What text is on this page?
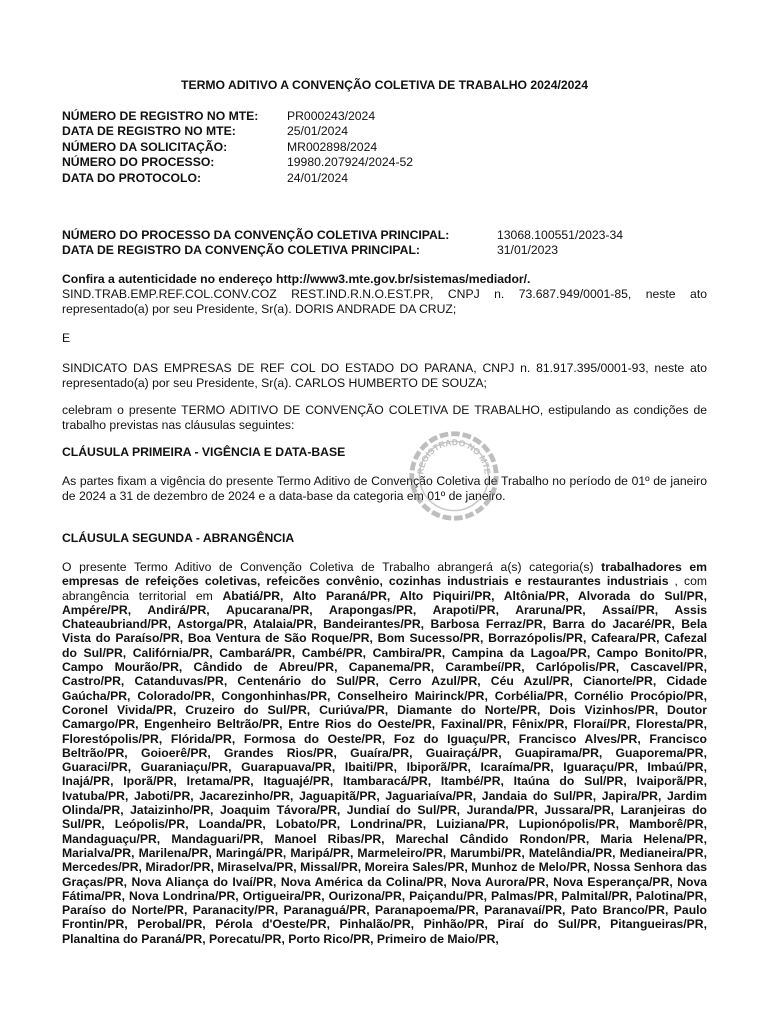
TERMO ADITIVO A CONVENÇÃO COLETIVA DE TRABALHO 2024/2024
NÚMERO DE REGISTRO NO MTE:	PR000243/2024
DATA DE REGISTRO NO MTE:	25/01/2024
NÚMERO DA SOLICITAÇÃO:	MR002898/2024
NÚMERO DO PROCESSO:	19980.207924/2024-52
DATA DO PROTOCOLO:	24/01/2024
NÚMERO DO PROCESSO DA CONVENÇÃO COLETIVA PRINCIPAL:	13068.100551/2023-34
DATA DE REGISTRO DA CONVENÇÃO COLETIVA PRINCIPAL:	31/01/2023

Confira a autenticidade no endereço http://www3.mte.gov.br/sistemas/mediador/.

SIND.TRAB.EMP.REF.COL.CONV.COZ REST.IND.R.N.O.EST.PR, CNPJ n. 73.687.949/0001-85, neste ato representado(a) por seu Presidente, Sr(a). DORIS ANDRADE DA CRUZ;

E

SINDICATO DAS EMPRESAS DE REF COL DO ESTADO DO PARANA, CNPJ n. 81.917.395/0001-93, neste ato representado(a) por seu Presidente, Sr(a). CARLOS HUMBERTO DE SOUZA;

celebram o presente TERMO ADITIVO DE CONVENÇÃO COLETIVA DE TRABALHO, estipulando as condições de trabalho previstas nas cláusulas seguintes:

CLÁUSULA PRIMEIRA - VIGÊNCIA E DATA-BASE

As partes fixam a vigência do presente Termo Aditivo de Convenção Coletiva de Trabalho no período de 01º de janeiro de 2024 a 31 de dezembro de 2024 e a data-base da categoria em 01º de janeiro.

CLÁUSULA SEGUNDA - ABRANGÊNCIA

O presente Termo Aditivo de Convenção Coletiva de Trabalho abrangerá a(s) categoria(s) trabalhadores em empresas de refeições coletivas, refeicões convênio, cozinhas industriais e restaurantes industriais , com abrangência territorial em Abatiá/PR, Alto Paraná/PR, Alto Piquiri/PR, Altônia/PR, Alvorada do Sul/PR, Ampére/PR, Andirá/PR, Apucarana/PR, Arapongas/PR, Arapoti/PR, Araruna/PR, Assaí/PR, Assis Chateaubriand/PR, Astorga/PR, Atalaia/PR, Bandeirantes/PR, Barbosa Ferraz/PR, Barra do Jacaré/PR, Bela Vista do Paraíso/PR, Boa Ventura de São Roque/PR, Bom Sucesso/PR, Borrazópolis/PR, Cafeara/PR, Cafezal do Sul/PR, Califórnia/PR, Cambará/PR, Cambé/PR, Cambira/PR, Campina da Lagoa/PR, Campo Bonito/PR, Campo Mourão/PR, Cândido de Abreu/PR, Capanema/PR, Carambeí/PR, Carlópolis/PR, Cascavel/PR, Castro/PR, Catanduvas/PR, Centenário do Sul/PR, Cerro Azul/PR, Céu Azul/PR, Cianorte/PR, Cidade Gaúcha/PR, Colorado/PR, Congonhinhas/PR, Conselheiro Mairinck/PR, Corbélia/PR, Cornélio Procópio/PR, Coronel Vivida/PR, Cruzeiro do Sul/PR, Curiúva/PR, Diamante do Norte/PR, Dois Vizinhos/PR, Doutor Camargo/PR, Engenheiro Beltrão/PR, Entre Rios do Oeste/PR, Faxinal/PR, Fênix/PR, Floraí/PR, Floresta/PR, Florestópolis/PR, Flórida/PR, Formosa do Oeste/PR, Foz do Iguaçu/PR, Francisco Alves/PR, Francisco Beltrão/PR, Goioerê/PR, Grandes Rios/PR, Guaíra/PR, Guairaçá/PR, Guapirama/PR, Guaporema/PR, Guaraci/PR, Guaraniaçu/PR, Guarapuava/PR, Ibaiti/PR, Ibiporã/PR, Icaraíma/PR, Iguaraçu/PR, Imbaú/PR, Inajá/PR, Iporã/PR, Iretama/PR, Itaguajé/PR, Itambaracá/PR, Itambé/PR, Itaúna do Sul/PR, Ivaiporã/PR, Ivatuba/PR, Jaboti/PR, Jacarezinho/PR, Jaguapitã/PR, Jaguariaíva/PR, Jandaia do Sul/PR, Japira/PR, Jardim Olinda/PR, Jataizinho/PR, Joaquim Távora/PR, Jundiaí do Sul/PR, Juranda/PR, Jussara/PR, Laranjeiras do Sul/PR, Leópolis/PR, Loanda/PR, Lobato/PR, Londrina/PR, Luiziana/PR, Lupionópolis/PR, Mamborê/PR, Mandaguaçu/PR, Mandaguari/PR, Manoel Ribas/PR, Marechal Cândido Rondon/PR, Maria Helena/PR, Marialva/PR, Marilena/PR, Maringá/PR, Maripá/PR, Marmeleiro/PR, Marumbi/PR, Matelândia/PR, Medianeira/PR, Mercedes/PR, Mirador/PR, Miraselva/PR, Missal/PR, Moreira Sales/PR, Munhoz de Melo/PR, Nossa Senhora das Graças/PR, Nova Aliança do Ivaí/PR, Nova América da Colina/PR, Nova Aurora/PR, Nova Esperança/PR, Nova Fátima/PR, Nova Londrina/PR, Ortigueira/PR, Ourizona/PR, Paiçandu/PR, Palmas/PR, Palmital/PR, Palotina/PR, Paraíso do Norte/PR, Paranacity/PR, Paranaguá/PR, Paranapoema/PR, Paranavaí/PR, Pato Branco/PR, Paulo Frontin/PR, Perobal/PR, Pérola d'Oeste/PR, Pinhalão/PR, Pinhão/PR, Piraí do Sul/PR, Pitangueiras/PR, Planaltina do Paraná/PR, Porecatu/PR, Porto Rico/PR, Primeiro de Maio/PR,

REGISTRADO NO MTE
